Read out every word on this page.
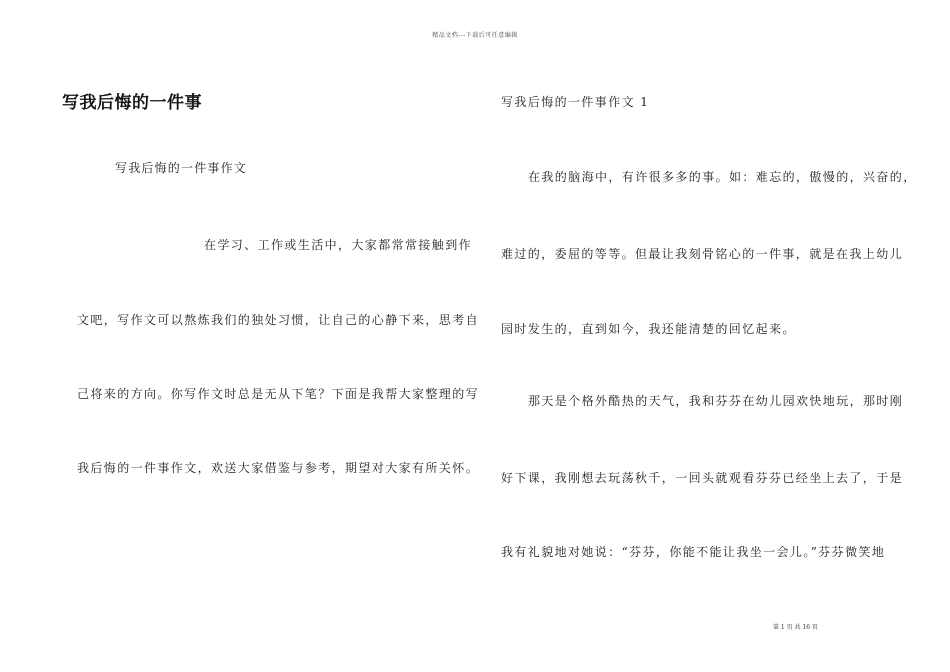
精品文档---下载后可任意编辑
写我后悔的一件事
写我后悔的一件事作文
在学习、工作或生活中，大家都常常接触到作
文吧，写作文可以熬炼我们的独处习惯，让自己的心静下来，思考自
己将来的方向。你写作文时总是无从下笔？下面是我帮大家整理的写
我后悔的一件事作文，欢送大家借鉴与参考，期望对大家有所关怀。
写我后悔的一件事作文 1
在我的脑海中，有许很多多的事。如：难忘的，傲慢的，兴奋的，
难过的，委屈的等等。但最让我刻骨铭心的一件事，就是在我上幼儿
园时发生的，直到如今，我还能清楚的回忆起来。
那天是个格外酷热的天气，我和芬芬在幼儿园欢快地玩，那时刚
好下课，我刚想去玩荡秋千，一回头就观看芬芬已经坐上去了，于是
我有礼貌地对她说：“芬芬，你能不能让我坐一会儿。”芬芬微笑地
第 1 页 共 16 页
